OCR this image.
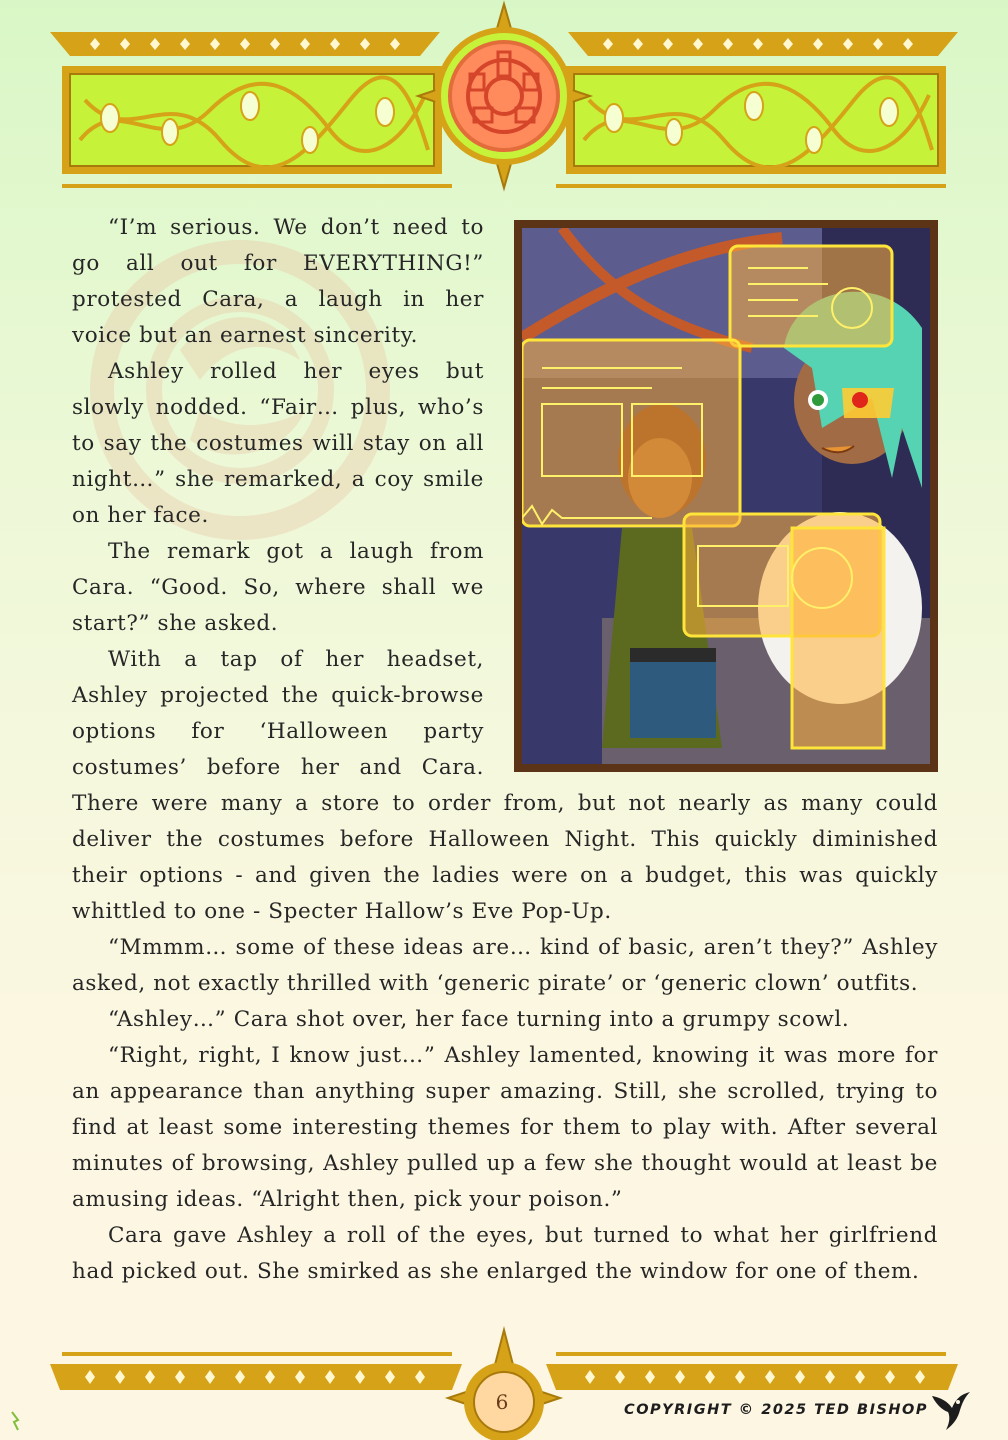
“I’m serious. We don’t need to go all out for EVERYTHING!” protested Cara, a laugh in her voice but an earnest sincerity.

Ashley rolled her eyes but slowly nodded. “Fair… plus, who’s to say the costumes will stay on all night…” she remarked, a coy smile on her face.

The remark got a laugh from Cara. “Good. So, where shall we start?” she asked.

With a tap of her headset, Ashley projected the quick-browse options for ‘Halloween party costumes’ before her and Cara. There were many a store to order from, but not nearly as many could deliver the costumes before Halloween Night. This quickly diminished their options - and given the ladies were on a budget, this was quickly whittled to one - Specter Hallow’s Eve Pop-Up.

“Mmmm… some of these ideas are… kind of basic, aren’t they?” Ashley asked, not exactly thrilled with ‘generic pirate’ or ‘generic clown’ outfits.

“Ashley…” Cara shot over, her face turning into a grumpy scowl.

“Right, right, I know just…” Ashley lamented, knowing it was more for an appearance than anything super amazing. Still, she scrolled, trying to find at least some interesting themes for them to play with. After several minutes of browsing, Ashley pulled up a few she thought would at least be amusing ideas. “Alright then, pick your poison.”

Cara gave Ashley a roll of the eyes, but turned to what her girlfriend had picked out. She smirked as she enlarged the window for one of them.

6	COPYRIGHT © 2025 TED BISHOP
